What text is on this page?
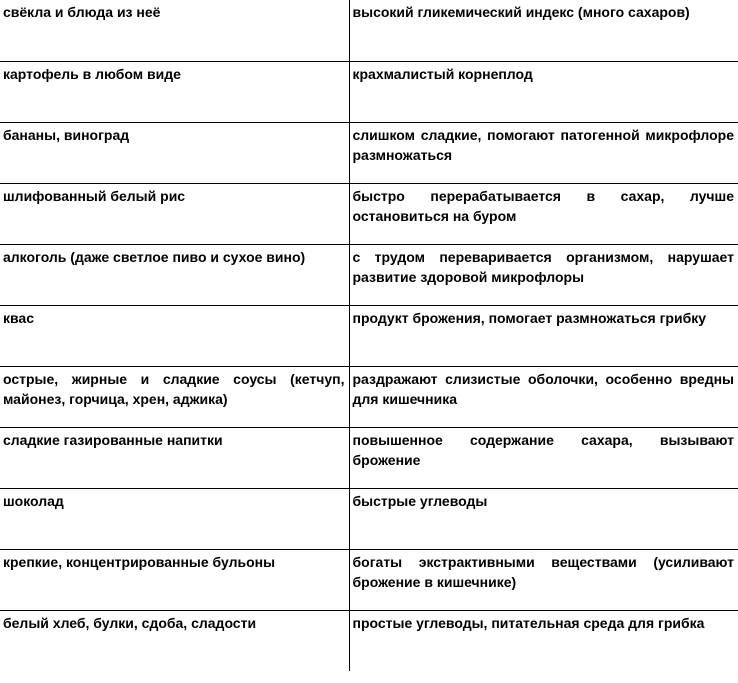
свёкла и блюда из неё	высокий гликемический индекс (много сахаров)
картофель в любом виде	крахмалистый корнеплод
бананы, виноград	слишком сладкие, помогают патогенной микрофлоре размножаться
шлифованный белый рис	быстро перерабатывается в сахар, лучше остановиться на буром
алкоголь (даже светлое пиво и сухое вино)	с трудом переваривается организмом, нарушает развитие здоровой микрофлоры
квас	продукт брожения, помогает размножаться грибку
острые, жирные и сладкие соусы (кетчуп, майонез, горчица, хрен, аджика)	раздражают слизистые оболочки, особенно вредны для кишечника
сладкие газированные напитки	повышенное содержание сахара, вызывают брожение
шоколад	быстрые углеводы
крепкие, концентрированные бульоны	богаты экстрактивными веществами (усиливают брожение в кишечнике)
белый хлеб, булки, сдоба, сладости	простые углеводы, питательная среда для грибка
